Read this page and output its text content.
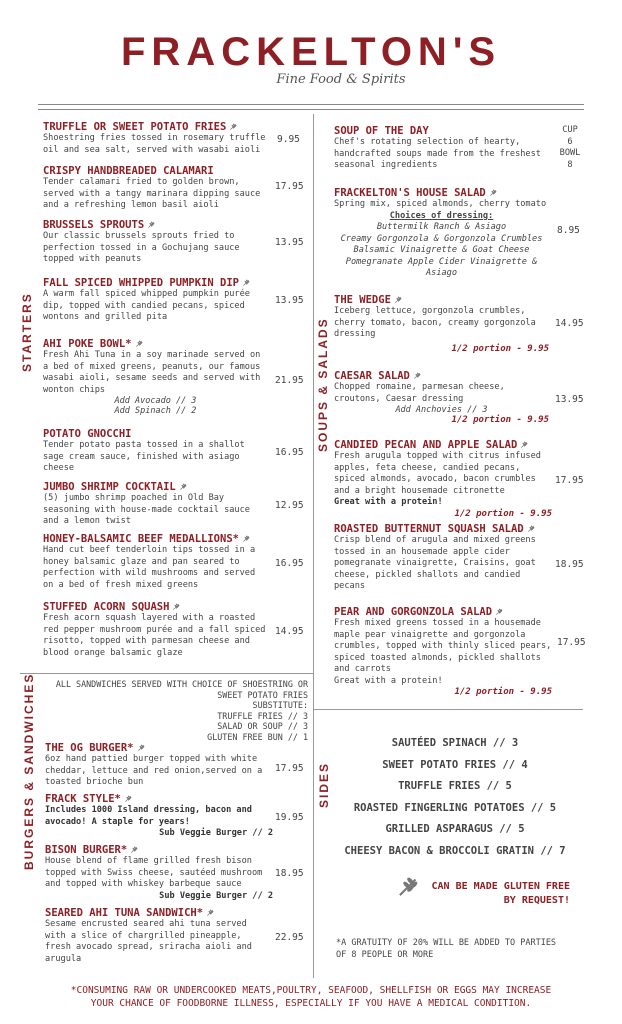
FRACKELTON'S
Fine Food & Spirits
STARTERS	SOUPS & SALADS
BURGERS & SANDWICHES	SIDES
TRUFFLE OR SWEET POTATO FRIES
Shoestring fries tossed in rosemary truffle oil and sea salt, served with wasabi aioli
9.95
CRISPY HANDBREADED CALAMARI
Tender calamari fried to golden brown, served with a tangy marinara dipping sauce and a refreshing lemon basil aioli
17.95
BRUSSELS SPROUTS
Our classic brussels sprouts fried to perfection tossed in a Gochujang sauce topped with peanuts
13.95
FALL SPICED WHIPPED PUMPKIN DIP
A warm fall spiced whipped pumpkin purée dip, topped with candied pecans, spiced wontons and grilled pita
13.95
AHI POKE BOWL*
Fresh Ahi Tuna in a soy marinade served on a bed of mixed greens, peanuts, our famous wasabi aioli, sesame seeds and served with wonton chips
Add Avocado // 3
Add Spinach // 2
21.95
POTATO GNOCCHI
Tender potato pasta tossed in a shallot sage cream sauce, finished with asiago cheese
16.95
JUMBO SHRIMP COCKTAIL
(5) jumbo shrimp poached in Old Bay seasoning with house-made cocktail sauce and a lemon twist
12.95
HONEY-BALSAMIC BEEF MEDALLIONS*
Hand cut beef tenderloin tips tossed in a honey balsamic glaze and pan seared to perfection with wild mushrooms and served on a bed of fresh mixed greens
16.95
STUFFED ACORN SQUASH
Fresh acorn squash layered with a roasted red pepper mushroom purée and a fall spiced risotto, topped with parmesan cheese and blood orange balsamic glaze
14.95
ALL SANDWICHES SERVED WITH CHOICE OF SHOESTRING OR
SWEET POTATO FRIES
SUBSTITUTE:
TRUFFLE FRIES // 3
SALAD OR SOUP // 3
GLUTEN FREE BUN // 1
THE OG BURGER*
6oz hand pattied burger topped with white cheddar, lettuce and red onion,served on a toasted brioche bun
17.95
FRACK STYLE*
Includes 1000 Island dressing, bacon and avocado! A staple for years!
Sub Veggie Burger // 2
19.95
BISON BURGER*
House blend of flame grilled fresh bison topped with Swiss cheese, sautéed mushroom and topped with whiskey barbeque sauce
Sub Veggie Burger // 2
18.95
SEARED AHI TUNA SANDWICH*
Sesame encrusted seared ahi tuna served with a slice of chargrilled pineapple, fresh avocado spread, sriracha aioli and arugula
22.95
SOUP OF THE DAY
Chef's rotating selection of hearty, handcrafted soups made from the freshest seasonal ingredients
CUP
6
BOWL
8
FRACKELTON'S HOUSE SALAD
Spring mix, spiced almonds, cherry tomato
Choices of dressing:
Buttermilk Ranch & Asiago
Creamy Gorgonzola & Gorgonzola Crumbles
Balsamic Vinaigrette & Goat Cheese
Pomegranate Apple Cider Vinaigrette & Asiago
8.95
THE WEDGE
Iceberg lettuce, gorgonzola crumbles, cherry tomato, bacon, creamy gorgonzola dressing
1/2 portion - 9.95
14.95
CAESAR SALAD
Chopped romaine, parmesan cheese, croutons, Caesar dressing
Add Anchovies // 3
1/2 portion - 9.95
13.95
CANDIED PECAN AND APPLE SALAD
Fresh arugula topped with citrus infused apples, feta cheese, candied pecans, spiced almonds, avocado, bacon crumbles and a bright housemade citronette
Great with a protein!
1/2 portion - 9.95
17.95
ROASTED BUTTERNUT SQUASH SALAD
Crisp blend of arugula and mixed greens tossed in an housemade apple cider pomegranate vinaigrette, Craisins, goat cheese, pickled shallots and candied pecans
18.95
PEAR AND GORGONZOLA SALAD
Fresh mixed greens tossed in a housemade maple pear vinaigrette and gorgonzola crumbles, topped with thinly sliced pears, spiced toasted almonds, pickled shallots and carrots
Great with a protein!
1/2 portion - 9.95
17.95
SAUTÉED SPINACH // 3
SWEET POTATO FRIES // 4
TRUFFLE FRIES // 5
ROASTED FINGERLING POTATOES // 5
GRILLED ASPARAGUS // 5
CHEESY BACON & BROCCOLI GRATIN // 7
CAN BE MADE GLUTEN FREE
BY REQUEST!
*A GRATUITY OF 20% WILL BE ADDED TO PARTIES
OF 8 PEOPLE OR MORE
*CONSUMING RAW OR UNDERCOOKED MEATS,POULTRY, SEAFOOD, SHELLFISH OR EGGS MAY INCREASE
YOUR CHANCE OF FOODBORNE ILLNESS, ESPECIALLY IF YOU HAVE A MEDICAL CONDITION.
